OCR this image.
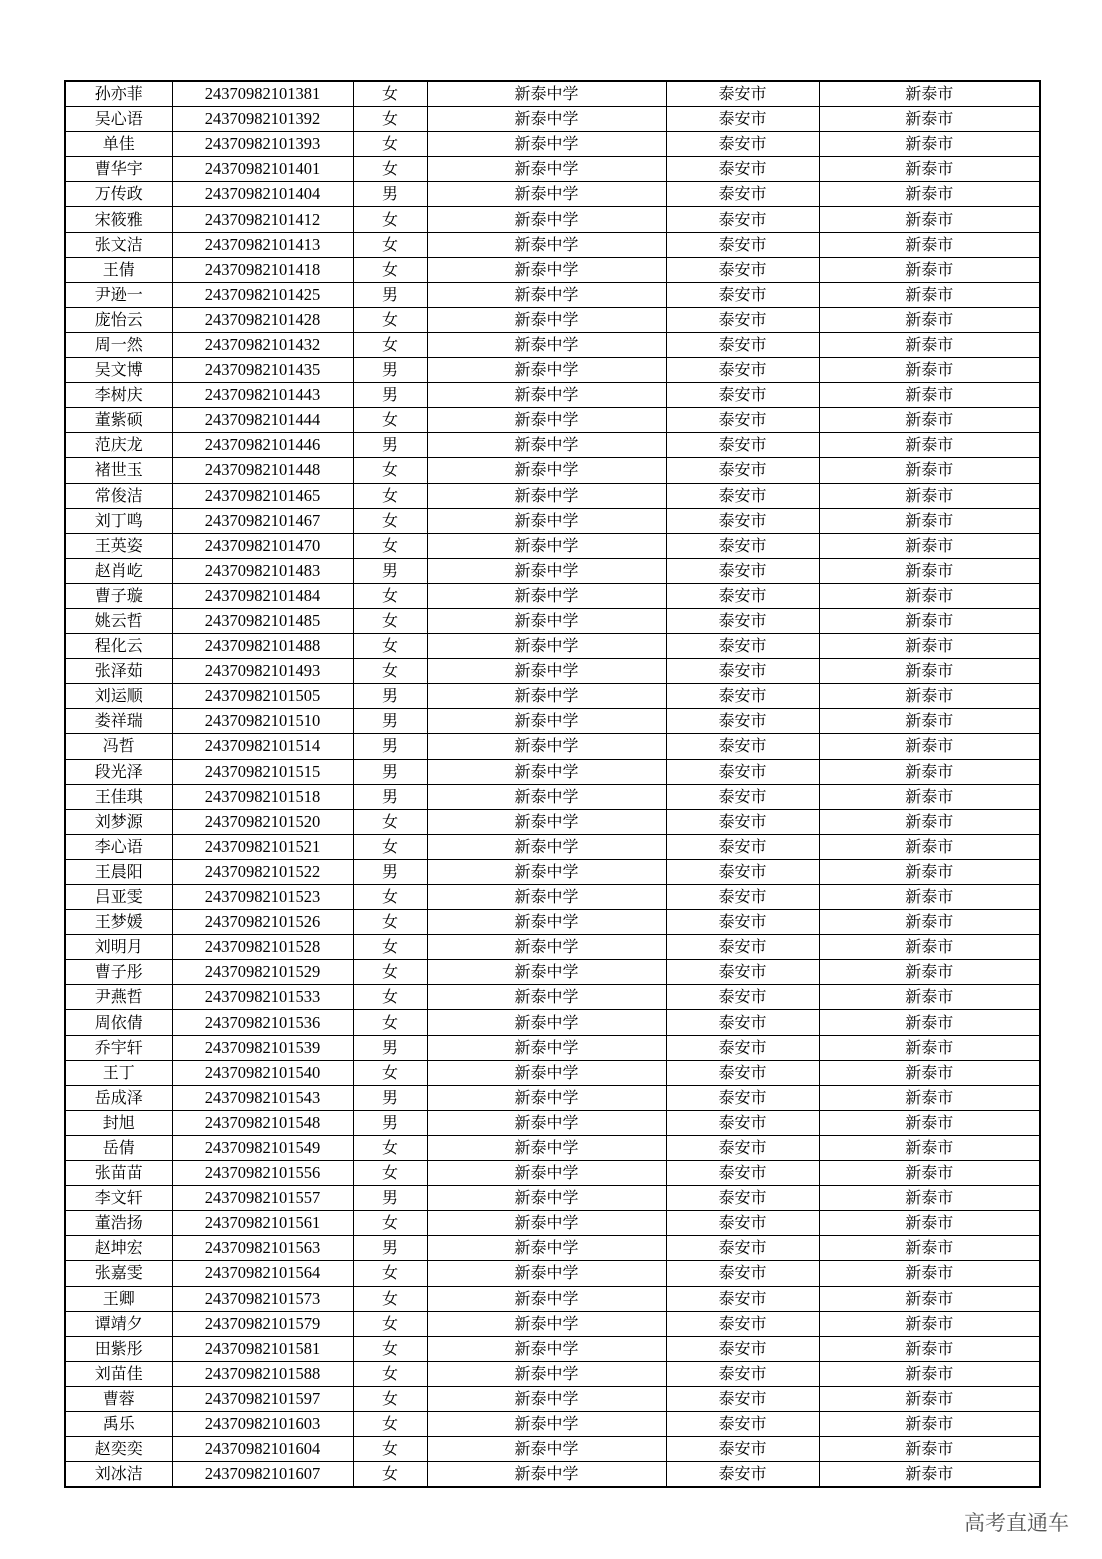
孙亦菲	24370982101381	女	新泰中学	泰安市	新泰市
吴心语	24370982101392	女	新泰中学	泰安市	新泰市
单佳	24370982101393	女	新泰中学	泰安市	新泰市
曹华宇	24370982101401	女	新泰中学	泰安市	新泰市
万传政	24370982101404	男	新泰中学	泰安市	新泰市
宋筱雅	24370982101412	女	新泰中学	泰安市	新泰市
张文洁	24370982101413	女	新泰中学	泰安市	新泰市
王倩	24370982101418	女	新泰中学	泰安市	新泰市
尹逊一	24370982101425	男	新泰中学	泰安市	新泰市
庞怡云	24370982101428	女	新泰中学	泰安市	新泰市
周一然	24370982101432	女	新泰中学	泰安市	新泰市
吴文博	24370982101435	男	新泰中学	泰安市	新泰市
李树庆	24370982101443	男	新泰中学	泰安市	新泰市
董紫硕	24370982101444	女	新泰中学	泰安市	新泰市
范庆龙	24370982101446	男	新泰中学	泰安市	新泰市
褚世玉	24370982101448	女	新泰中学	泰安市	新泰市
常俊洁	24370982101465	女	新泰中学	泰安市	新泰市
刘丁鸣	24370982101467	女	新泰中学	泰安市	新泰市
王英姿	24370982101470	女	新泰中学	泰安市	新泰市
赵肖屹	24370982101483	男	新泰中学	泰安市	新泰市
曹子璇	24370982101484	女	新泰中学	泰安市	新泰市
姚云哲	24370982101485	女	新泰中学	泰安市	新泰市
程化云	24370982101488	女	新泰中学	泰安市	新泰市
张泽茹	24370982101493	女	新泰中学	泰安市	新泰市
刘运顺	24370982101505	男	新泰中学	泰安市	新泰市
娄祥瑞	24370982101510	男	新泰中学	泰安市	新泰市
冯哲	24370982101514	男	新泰中学	泰安市	新泰市
段光泽	24370982101515	男	新泰中学	泰安市	新泰市
王佳琪	24370982101518	男	新泰中学	泰安市	新泰市
刘梦源	24370982101520	女	新泰中学	泰安市	新泰市
李心语	24370982101521	女	新泰中学	泰安市	新泰市
王晨阳	24370982101522	男	新泰中学	泰安市	新泰市
吕亚雯	24370982101523	女	新泰中学	泰安市	新泰市
王梦媛	24370982101526	女	新泰中学	泰安市	新泰市
刘明月	24370982101528	女	新泰中学	泰安市	新泰市
曹子彤	24370982101529	女	新泰中学	泰安市	新泰市
尹燕哲	24370982101533	女	新泰中学	泰安市	新泰市
周依倩	24370982101536	女	新泰中学	泰安市	新泰市
乔宇轩	24370982101539	男	新泰中学	泰安市	新泰市
王丁	24370982101540	女	新泰中学	泰安市	新泰市
岳成泽	24370982101543	男	新泰中学	泰安市	新泰市
封旭	24370982101548	男	新泰中学	泰安市	新泰市
岳倩	24370982101549	女	新泰中学	泰安市	新泰市
张苗苗	24370982101556	女	新泰中学	泰安市	新泰市
李文轩	24370982101557	男	新泰中学	泰安市	新泰市
董浩扬	24370982101561	女	新泰中学	泰安市	新泰市
赵坤宏	24370982101563	男	新泰中学	泰安市	新泰市
张嘉雯	24370982101564	女	新泰中学	泰安市	新泰市
王卿	24370982101573	女	新泰中学	泰安市	新泰市
谭靖夕	24370982101579	女	新泰中学	泰安市	新泰市
田紫彤	24370982101581	女	新泰中学	泰安市	新泰市
刘苗佳	24370982101588	女	新泰中学	泰安市	新泰市
曹蓉	24370982101597	女	新泰中学	泰安市	新泰市
禹乐	24370982101603	女	新泰中学	泰安市	新泰市
赵奕奕	24370982101604	女	新泰中学	泰安市	新泰市
刘冰洁	24370982101607	女	新泰中学	泰安市	新泰市
高考直通车
